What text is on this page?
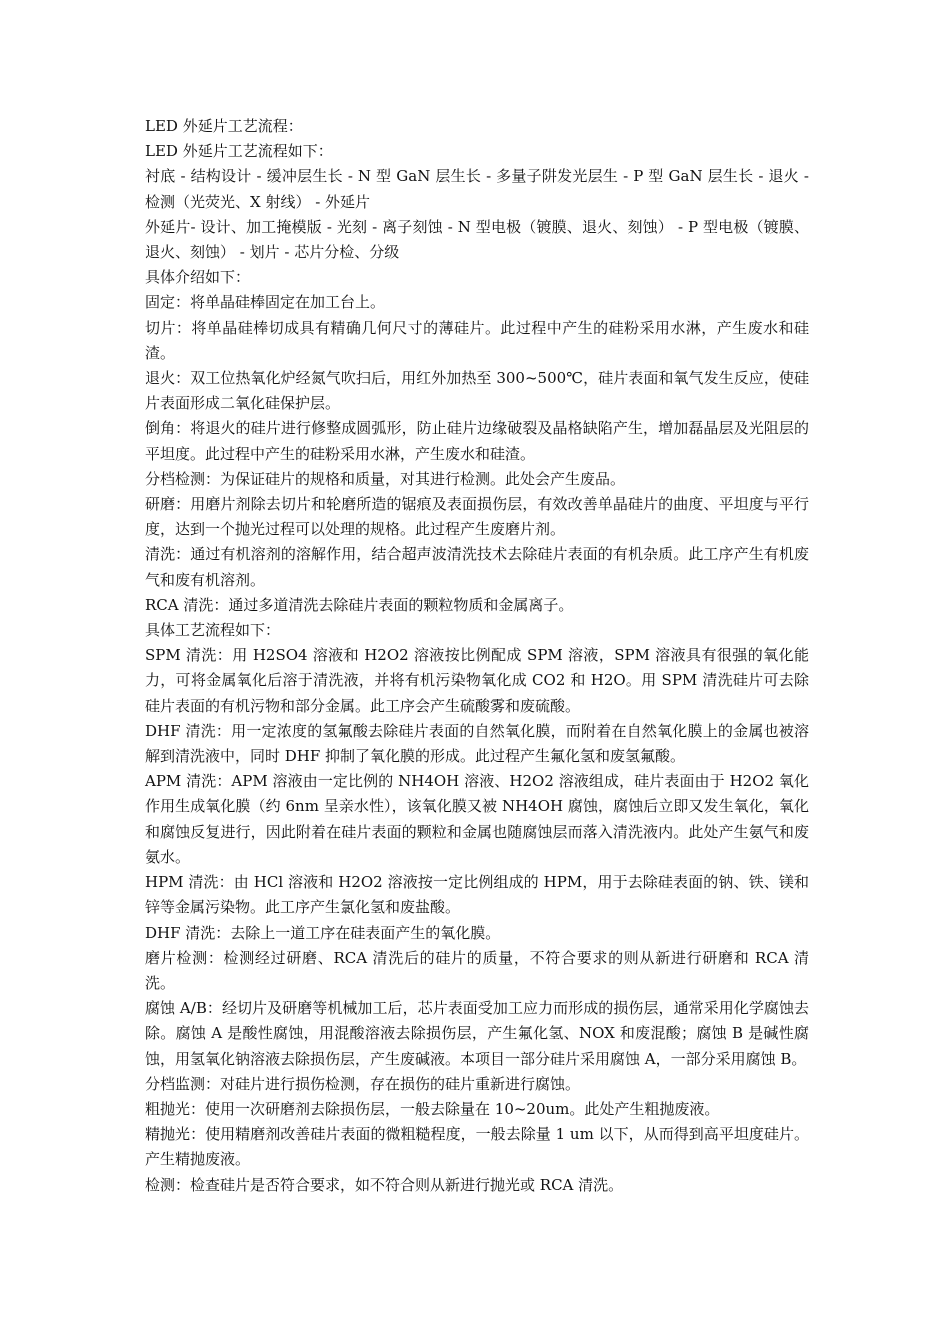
LED 外延片工艺流程：

LED 外延片工艺流程如下：

衬底 - 结构设计 - 缓冲层生长 - N 型 GaN 层生长 - 多量子阱发光层生 - P 型 GaN 层生长 - 退火 - 检测（光荧光、X 射线） - 外延片

外延片- 设计、加工掩模版 - 光刻 - 离子刻蚀 - N 型电极（镀膜、退火、刻蚀） - P 型电极（镀膜、退火、刻蚀） - 划片 - 芯片分检、分级

具体介绍如下：

固定：将单晶硅棒固定在加工台上。

切片：将单晶硅棒切成具有精确几何尺寸的薄硅片。此过程中产生的硅粉采用水淋，产生废水和硅渣。

退火：双工位热氧化炉经氮气吹扫后，用红外加热至 300~500℃，硅片表面和氧气发生反应，使硅片表面形成二氧化硅保护层。

倒角：将退火的硅片进行修整成圆弧形，防止硅片边缘破裂及晶格缺陷产生，增加磊晶层及光阻层的平坦度。此过程中产生的硅粉采用水淋，产生废水和硅渣。

分档检测：为保证硅片的规格和质量，对其进行检测。此处会产生废品。

研磨：用磨片剂除去切片和轮磨所造的锯痕及表面损伤层，有效改善单晶硅片的曲度、平坦度与平行度，达到一个抛光过程可以处理的规格。此过程产生废磨片剂。

清洗：通过有机溶剂的溶解作用，结合超声波清洗技术去除硅片表面的有机杂质。此工序产生有机废气和废有机溶剂。

RCA 清洗：通过多道清洗去除硅片表面的颗粒物质和金属离子。

具体工艺流程如下：

SPM 清洗：用 H2SO4 溶液和 H2O2 溶液按比例配成 SPM 溶液，SPM 溶液具有很强的氧化能力，可将金属氧化后溶于清洗液，并将有机污染物氧化成 CO2 和 H2O。用 SPM 清洗硅片可去除硅片表面的有机污物和部分金属。此工序会产生硫酸雾和废硫酸。

DHF 清洗：用一定浓度的氢氟酸去除硅片表面的自然氧化膜，而附着在自然氧化膜上的金属也被溶解到清洗液中，同时 DHF 抑制了氧化膜的形成。此过程产生氟化氢和废氢氟酸。

APM 清洗：APM 溶液由一定比例的 NH4OH 溶液、H2O2 溶液组成，硅片表面由于 H2O2 氧化作用生成氧化膜（约 6nm 呈亲水性），该氧化膜又被 NH4OH 腐蚀，腐蚀后立即又发生氧化，氧化和腐蚀反复进行，因此附着在硅片表面的颗粒和金属也随腐蚀层而落入清洗液内。此处产生氨气和废氨水。

HPM 清洗：由 HCl 溶液和 H2O2 溶液按一定比例组成的 HPM，用于去除硅表面的钠、铁、镁和锌等金属污染物。此工序产生氯化氢和废盐酸。

DHF 清洗：去除上一道工序在硅表面产生的氧化膜。

磨片检测：检测经过研磨、RCA 清洗后的硅片的质量，不符合要求的则从新进行研磨和 RCA 清洗。

腐蚀 A/B：经切片及研磨等机械加工后，芯片表面受加工应力而形成的损伤层，通常采用化学腐蚀去除。腐蚀 A 是酸性腐蚀，用混酸溶液去除损伤层，产生氟化氢、NOX 和废混酸；腐蚀 B 是碱性腐蚀，用氢氧化钠溶液去除损伤层，产生废碱液。本项目一部分硅片采用腐蚀 A，一部分采用腐蚀 B。

分档监测：对硅片进行损伤检测，存在损伤的硅片重新进行腐蚀。

粗抛光：使用一次研磨剂去除损伤层，一般去除量在 10~20um。此处产生粗抛废液。

精抛光：使用精磨剂改善硅片表面的微粗糙程度，一般去除量 1 um 以下，从而得到高平坦度硅片。产生精抛废液。

检测：检查硅片是否符合要求，如不符合则从新进行抛光或 RCA 清洗。
